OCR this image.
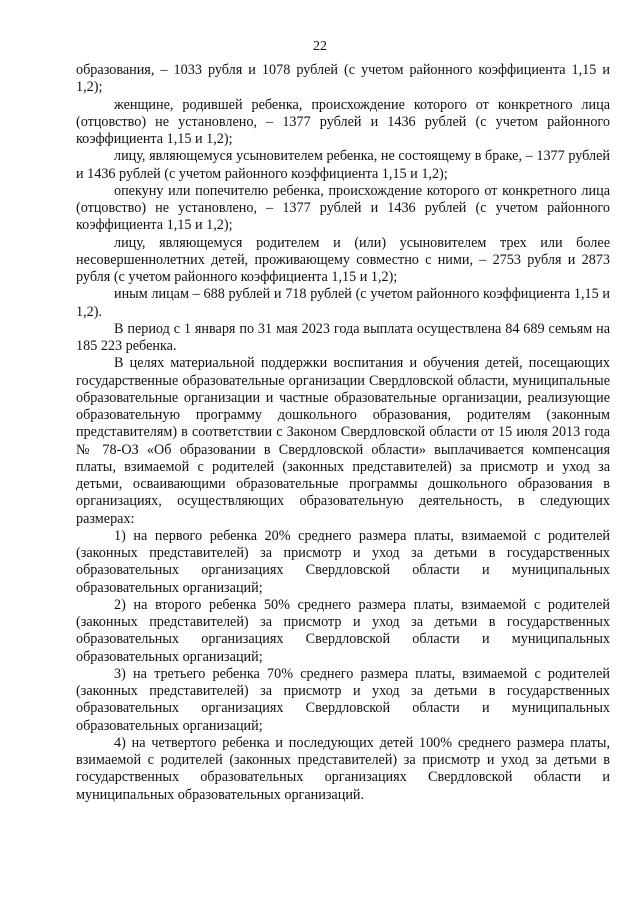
22

образования, – 1033 рубля и 1078 рублей (с учетом районного коэффициента 1,15 и 1,2);

женщине, родившей ребенка, происхождение которого от конкретного лица (отцовство) не установлено, – 1377 рублей и 1436 рублей (с учетом районного коэффициента 1,15 и 1,2);

лицу, являющемуся усыновителем ребенка, не состоящему в браке, – 1377 рублей и 1436 рублей (с учетом районного коэффициента 1,15 и 1,2);

опекуну или попечителю ребенка, происхождение которого от конкретного лица (отцовство) не установлено, – 1377 рублей и 1436 рублей (с учетом районного коэффициента 1,15 и 1,2);

лицу, являющемуся родителем и (или) усыновителем трех или более несовершеннолетних детей, проживающему совместно с ними, – 2753 рубля и 2873 рубля (с учетом районного коэффициента 1,15 и 1,2);

иным лицам – 688 рублей и 718 рублей (с учетом районного коэффициента 1,15 и 1,2).

В период с 1 января по 31 мая 2023 года выплата осуществлена 84 689 семьям на 185 223 ребенка.

В целях материальной поддержки воспитания и обучения детей, посещающих государственные образовательные организации Свердловской области, муниципальные образовательные организации и частные образовательные организации, реализующие образовательную программу дошкольного образования, родителям (законным представителям) в соответствии с Законом Свердловской области от 15 июля 2013 года № 78-ОЗ «Об образовании в Свердловской области» выплачивается компенсация платы, взимаемой с родителей (законных представителей) за присмотр и уход за детьми, осваивающими образовательные программы дошкольного образования в организациях, осуществляющих образовательную деятельность, в следующих размерах:

1) на первого ребенка 20% среднего размера платы, взимаемой с родителей (законных представителей) за присмотр и уход за детьми в государственных образовательных организациях Свердловской области и муниципальных образовательных организаций;

2) на второго ребенка 50% среднего размера платы, взимаемой с родителей (законных представителей) за присмотр и уход за детьми в государственных образовательных организациях Свердловской области и муниципальных образовательных организаций;

3) на третьего ребенка 70% среднего размера платы, взимаемой с родителей (законных представителей) за присмотр и уход за детьми в государственных образовательных организациях Свердловской области и муниципальных образовательных организаций;

4) на четвертого ребенка и последующих детей 100% среднего размера платы, взимаемой с родителей (законных представителей) за присмотр и уход за детьми в государственных образовательных организациях Свердловской области и муниципальных образовательных организаций.
